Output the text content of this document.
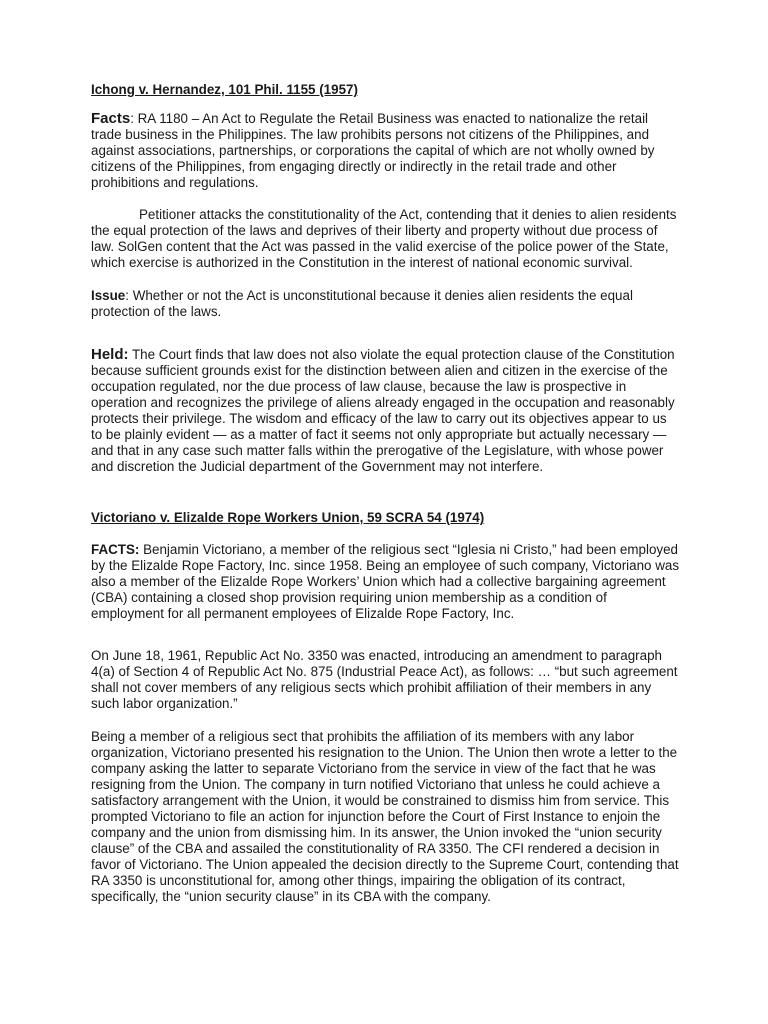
Ichong v. Hernandez, 101 Phil. 1155 (1957)

Facts: RA 1180 – An Act to Regulate the Retail Business was enacted to nationalize the retail trade business in the Philippines. The law prohibits persons not citizens of the Philippines, and against associations, partnerships, or corporations the capital of which are not wholly owned by citizens of the Philippines, from engaging directly or indirectly in the retail trade and other prohibitions and regulations.

Petitioner attacks the constitutionality of the Act, contending that it denies to alien residents the equal protection of the laws and deprives of their liberty and property without due process of law. SolGen content that the Act was passed in the valid exercise of the police power of the State, which exercise is authorized in the Constitution in the interest of national economic survival.

Issue: Whether or not the Act is unconstitutional because it denies alien residents the equal protection of the laws.

Held: The Court finds that law does not also violate the equal protection clause of the Constitution because sufficient grounds exist for the distinction between alien and citizen in the exercise of the occupation regulated, nor the due process of law clause, because the law is prospective in operation and recognizes the privilege of aliens already engaged in the occupation and reasonably protects their privilege. The wisdom and efficacy of the law to carry out its objectives appear to us to be plainly evident — as a matter of fact it seems not only appropriate but actually necessary — and that in any case such matter falls within the prerogative of the Legislature, with whose power and discretion the Judicial department of the Government may not interfere.

Victoriano v. Elizalde Rope Workers Union, 59 SCRA 54 (1974)

FACTS: Benjamin Victoriano, a member of the religious sect “Iglesia ni Cristo,” had been employed by the Elizalde Rope Factory, Inc. since 1958. Being an employee of such company, Victoriano was also a member of the Elizalde Rope Workers’ Union which had a collective bargaining agreement (CBA) containing a closed shop provision requiring union membership as a condition of employment for all permanent employees of Elizalde Rope Factory, Inc.

On June 18, 1961, Republic Act No. 3350 was enacted, introducing an amendment to paragraph 4(a) of Section 4 of Republic Act No. 875 (Industrial Peace Act), as follows: … “but such agreement shall not cover members of any religious sects which prohibit affiliation of their members in any such labor organization.”

Being a member of a religious sect that prohibits the affiliation of its members with any labor organization, Victoriano presented his resignation to the Union. The Union then wrote a letter to the company asking the latter to separate Victoriano from the service in view of the fact that he was resigning from the Union. The company in turn notified Victoriano that unless he could achieve a satisfactory arrangement with the Union, it would be constrained to dismiss him from service. This prompted Victoriano to file an action for injunction before the Court of First Instance to enjoin the company and the union from dismissing him. In its answer, the Union invoked the “union security clause” of the CBA and assailed the constitutionality of RA 3350. The CFI rendered a decision in favor of Victoriano. The Union appealed the decision directly to the Supreme Court, contending that RA 3350 is unconstitutional for, among other things, impairing the obligation of its contract, specifically, the “union security clause” in its CBA with the company.
